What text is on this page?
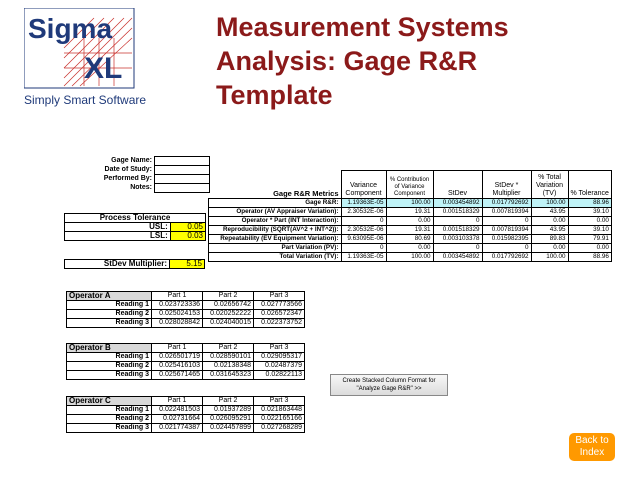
Sigma
XL
Simply Smart Software
Measurement Systems
Analysis: Gage R&R
Template
Gage Name:	
Date of Study:	
Performed By:	
Notes:	
Process Tolerance	
USL:	0.05
LSL:	0.03
StDev Multiplier:	5.15
Gage R&R Metrics	Variance Component	% Contribution of Variance Component	StDev	StDev * Multiplier	% Total Variation (TV)	% Tolerance
Gage R&R:	1.19363E-05	100.00	0.003454892	0.017792692	100.00	88.96
Operator (AV Appraiser Variation):	2.30532E-06	19.31	0.001518329	0.007819394	43.95	39.10
Operator * Part (INT Interaction):	0	0.00	0	0	0.00	0.00
Reproducibility (SQRT(AV^2 + INT^2)):	2.30532E-06	19.31	0.001518329	0.007819394	43.95	39.10
Repeatability (EV Equipment Variation):	9.63095E-06	80.69	0.003103378	0.015982395	89.83	79.91
Part Variation (PV):	0	0.00	0	0	0.00	0.00
Total Variation (TV):	1.19363E-05	100.00	0.003454892	0.017792692	100.00	88.96
Operator A	Part 1	Part 2	Part 3
Reading 1	0.023723336	0.02656742	0.027773566
Reading 2	0.025024153	0.020252222	0.026572347
Reading 3	0.028028842	0.024040015	0.022373752
Operator B	Part 1	Part 2	Part 3
Reading 1	0.026501719	0.028590101	0.029095317
Reading 2	0.025416103	0.02138348	0.02487379
Reading 3	0.025671465	0.031645323	0.02822113
Operator C	Part 1	Part 2	Part 3
Reading 1	0.022481503	0.01937289	0.021863448
Reading 2	0.02731664	0.026095291	0.022165166
Reading 3	0.021774387	0.024457899	0.027268289
Create Stacked Column Format for "Analyze Gage R&R" >>
Back to Index
